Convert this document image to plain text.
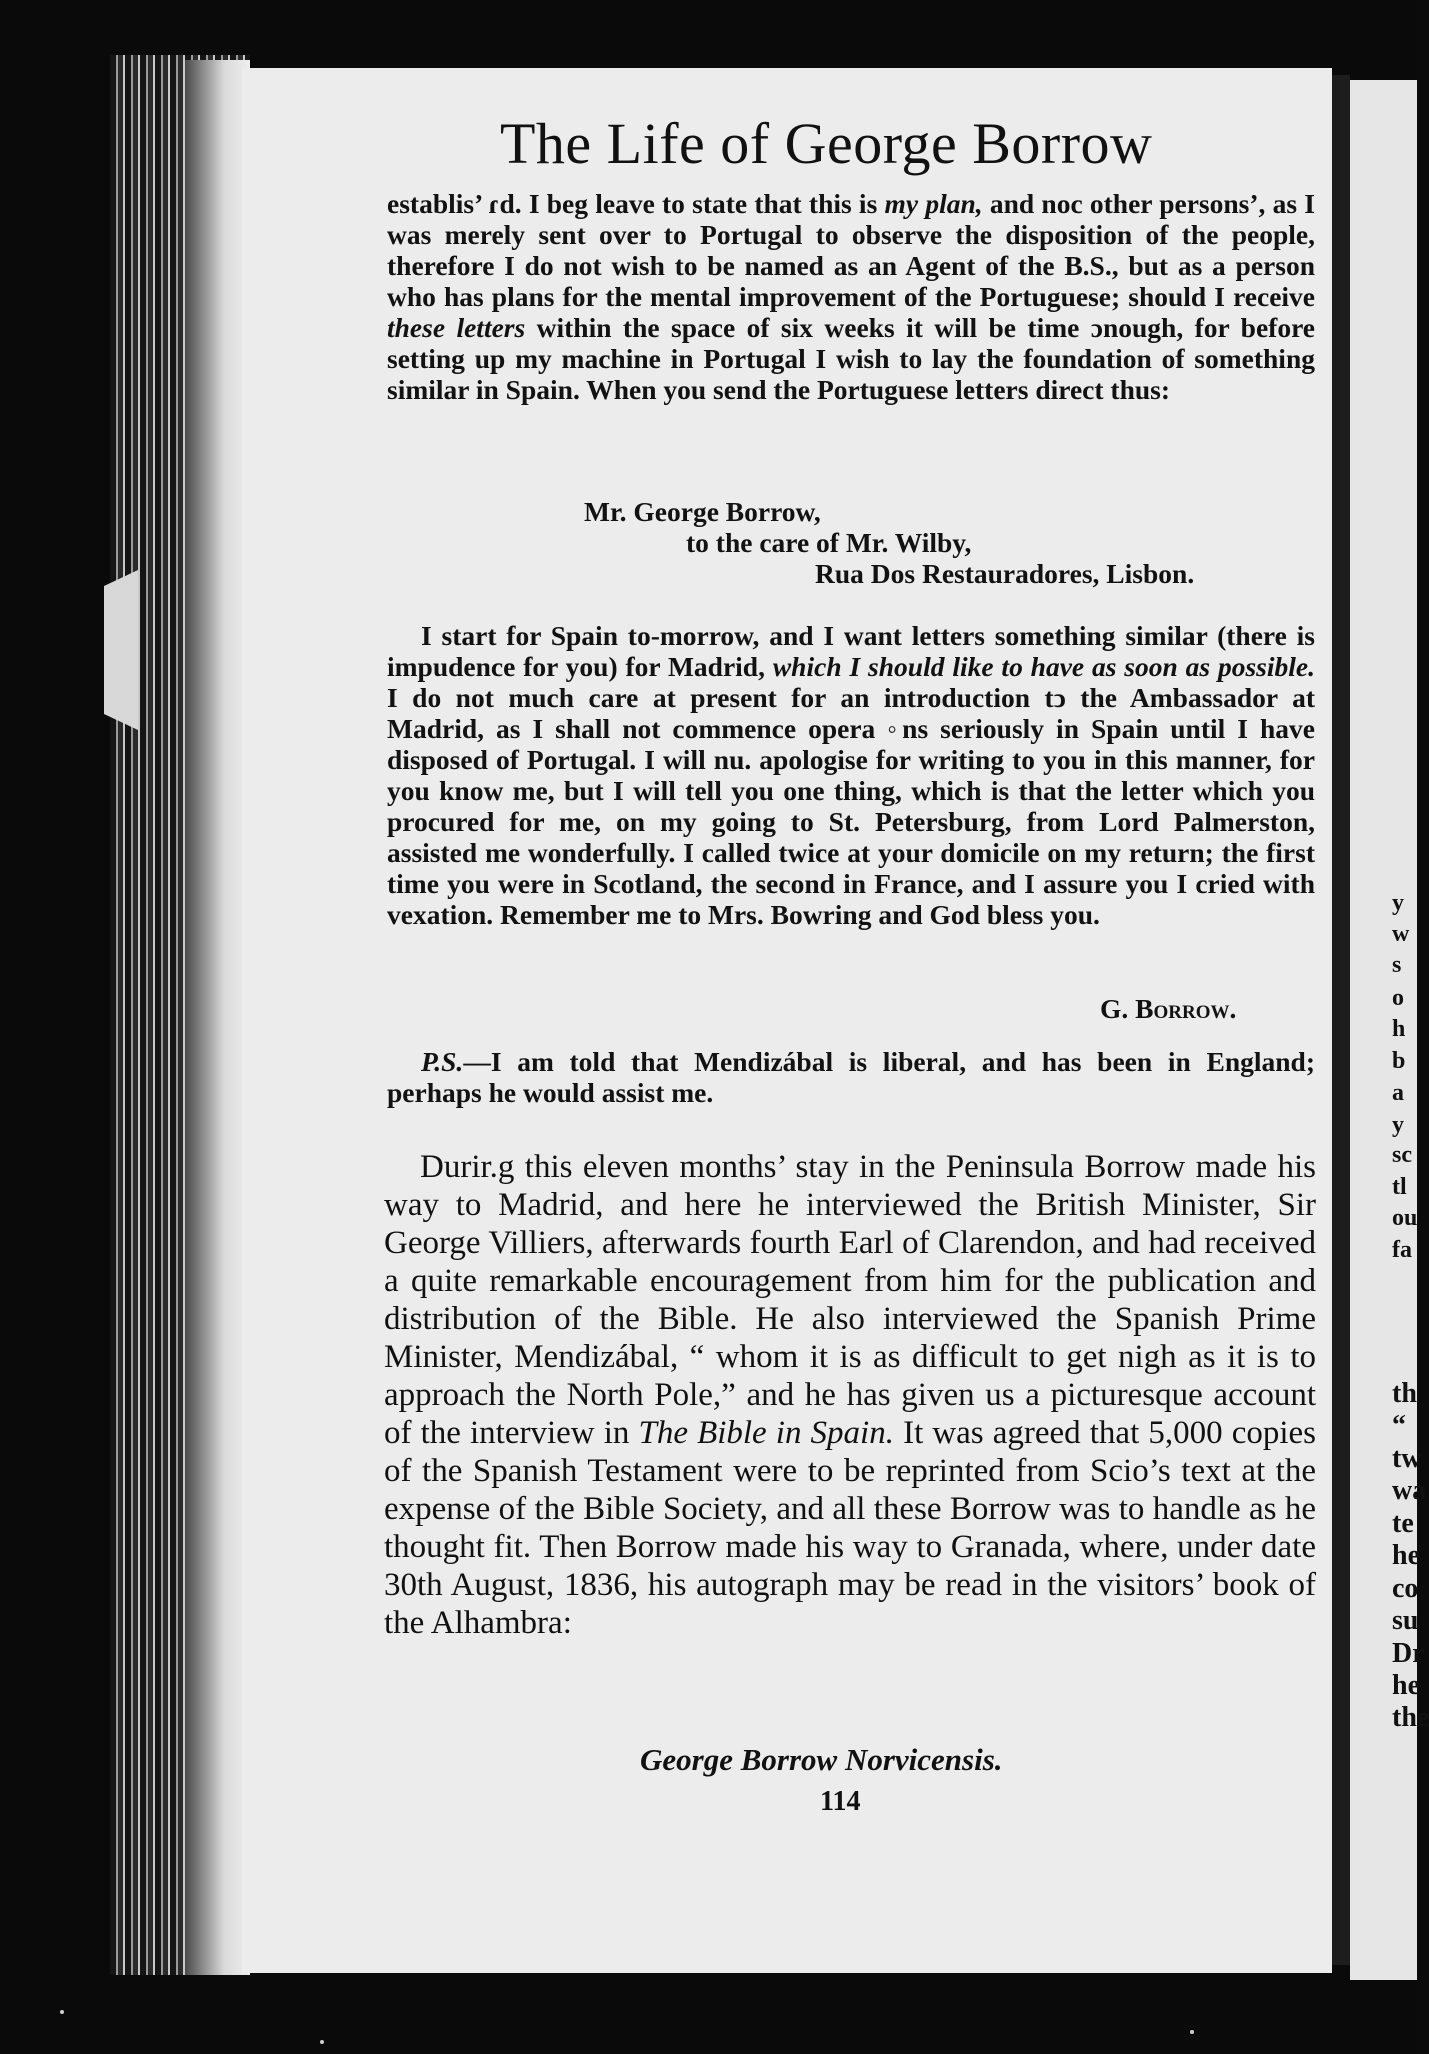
y
w
s
o
h
b
a
y
sc
tl
ou
fa
th
“
tw
wa
te
he
co
su
Dr
he
the
The Life of George Borrow

establis’ ɾd. I beg leave to state that this is my plan, and noc other persons’, as I was merely sent over to Portugal to observe the disposition of the people, therefore I do not wish to be named as an Agent of the B.S., but as a person who has plans for the mental improvement of the Portuguese; should I receive these letters within the space of six weeks it will be time ɔnough, for before setting up my machine in Portugal I wish to lay the foundation of something similar in Spain. When you send the Portuguese letters direct thus:

Mr. George Borrow,
to the care of Mr. Wilby,
Rua Dos Restauradores, Lisbon.

I start for Spain to-morrow, and I want letters something similar (there is impudence for you) for Madrid, which I should like to have as soon as possible. I do not much care at present for an introduction tↄ the Ambassador at Madrid, as I shall not commence opera ◦ns seriously in Spain until I have disposed of Portugal. I will nu. apologise for writing to you in this manner, for you know me, but I will tell you one thing, which is that the letter which you procured for me, on my going to St. Petersburg, from Lord Palmerston, assisted me wonderfully. I called twice at your domicile on my return; the first time you were in Scotland, the second in France, and I assure you I cried with vexation. Remember me to Mrs. Bowring and God bless you.

G. Borrow.
P.S.—I am told that Mendizábal is liberal, and has been in England; perhaps he would assist me.

Durir.g this eleven months’ stay in the Peninsula Borrow made his way to Madrid, and here he interviewed the British Minister, Sir George Villiers, afterwards fourth Earl of Clarendon, and had received a quite remarkable encouragement from him for the publication and distribution of the Bible. He also interviewed the Spanish Prime Minister, Mendizábal, “ whom it is as difficult to get nigh as it is to approach the North Pole,” and he has given us a picturesque account of the interview in The Bible in Spain. It was agreed that 5,000 copies of the Spanish Testament were to be reprinted from Scio’s text at the expense of the Bible Society, and all these Borrow was to handle as he thought fit. Then Borrow made his way to Granada, where, under date 30th August, 1836, his autograph may be read in the visitors’ book of the Alhambra:

George Borrow Norvicensis.
114
